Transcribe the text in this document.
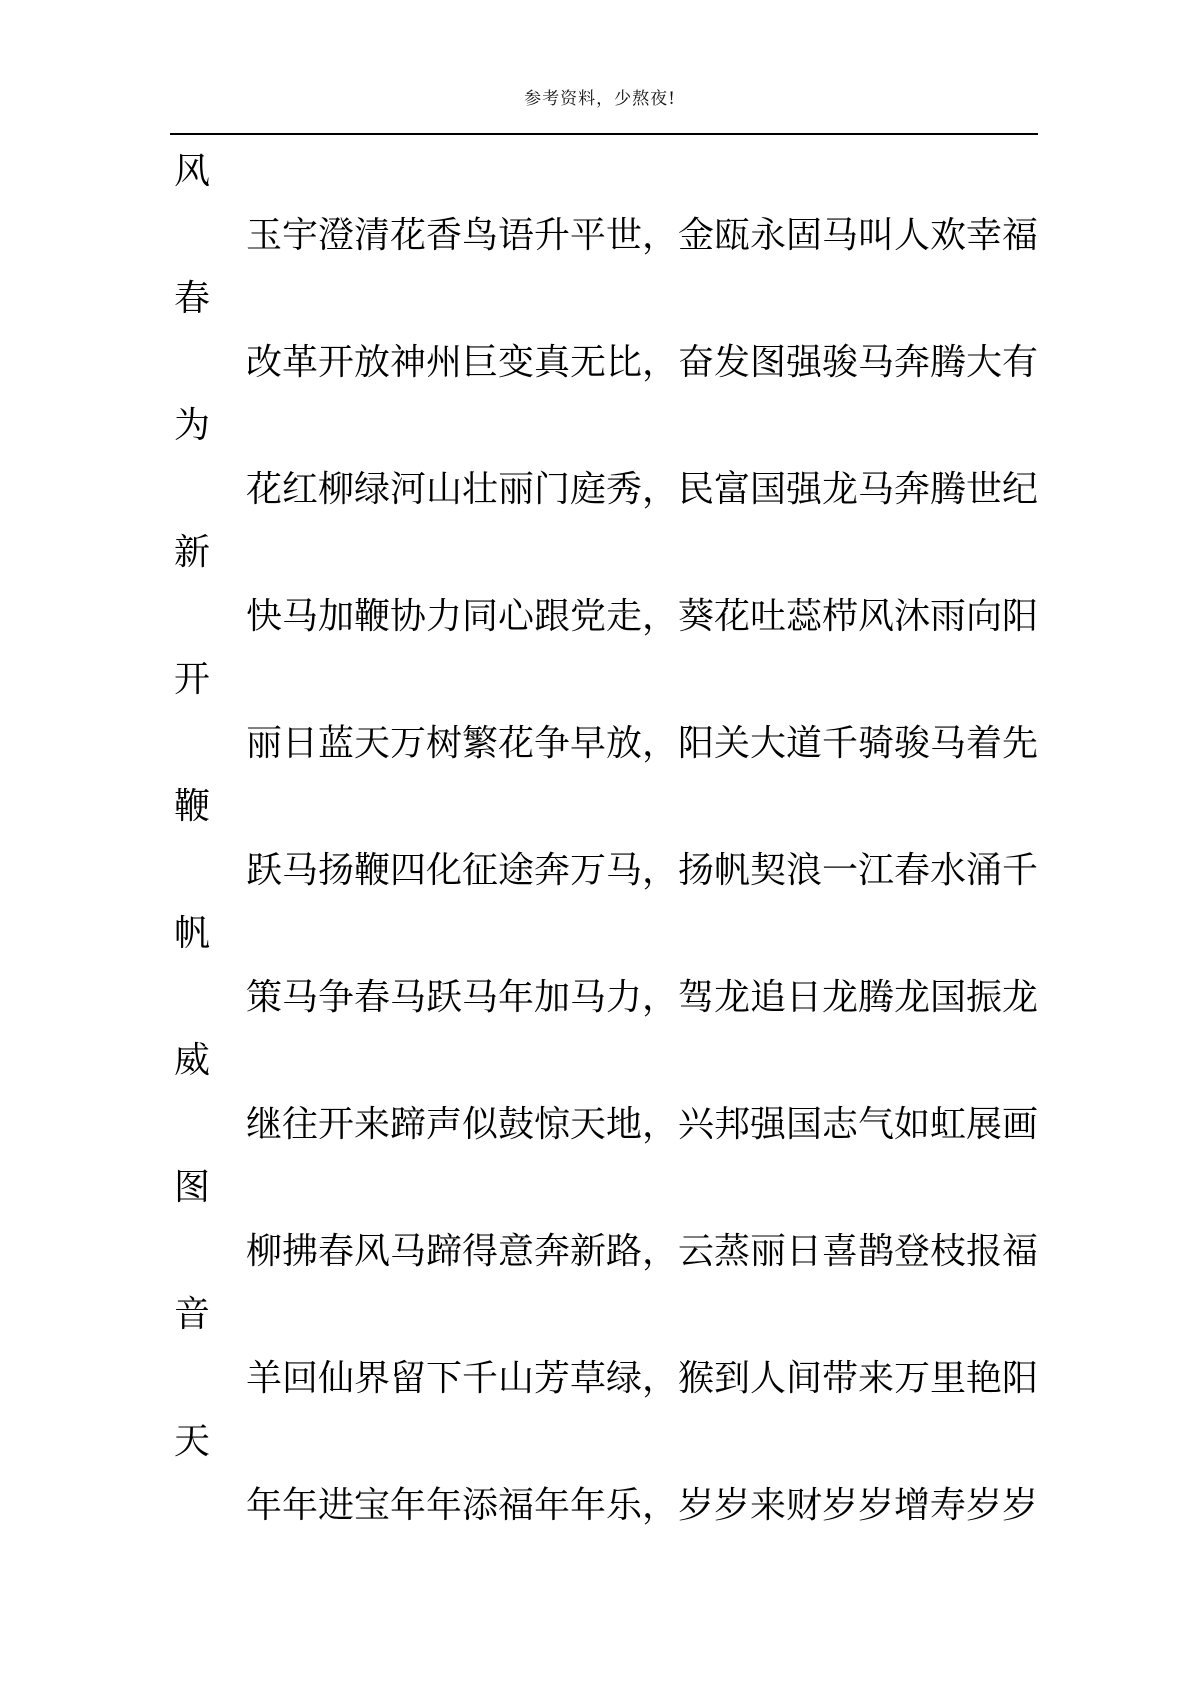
参考资料，少熬夜!
风
玉宇澄清花香鸟语升平世，金瓯永固马叫人欢幸福
春
改革开放神州巨变真无比，奋发图强骏马奔腾大有
为
花红柳绿河山壮丽门庭秀，民富国强龙马奔腾世纪
新
快马加鞭协力同心跟党走，葵花吐蕊栉风沐雨向阳
开
丽日蓝天万树繁花争早放，阳关大道千骑骏马着先
鞭
跃马扬鞭四化征途奔万马，扬帆契浪一江春水涌千
帆
策马争春马跃马年加马力，驾龙追日龙腾龙国振龙
威
继往开来蹄声似鼓惊天地，兴邦强国志气如虹展画
图
柳拂春风马蹄得意奔新路，云蒸丽日喜鹊登枝报福
音
羊回仙界留下千山芳草绿，猴到人间带来万里艳阳
天
年年进宝年年添福年年乐，岁岁来财岁岁增寿岁岁
